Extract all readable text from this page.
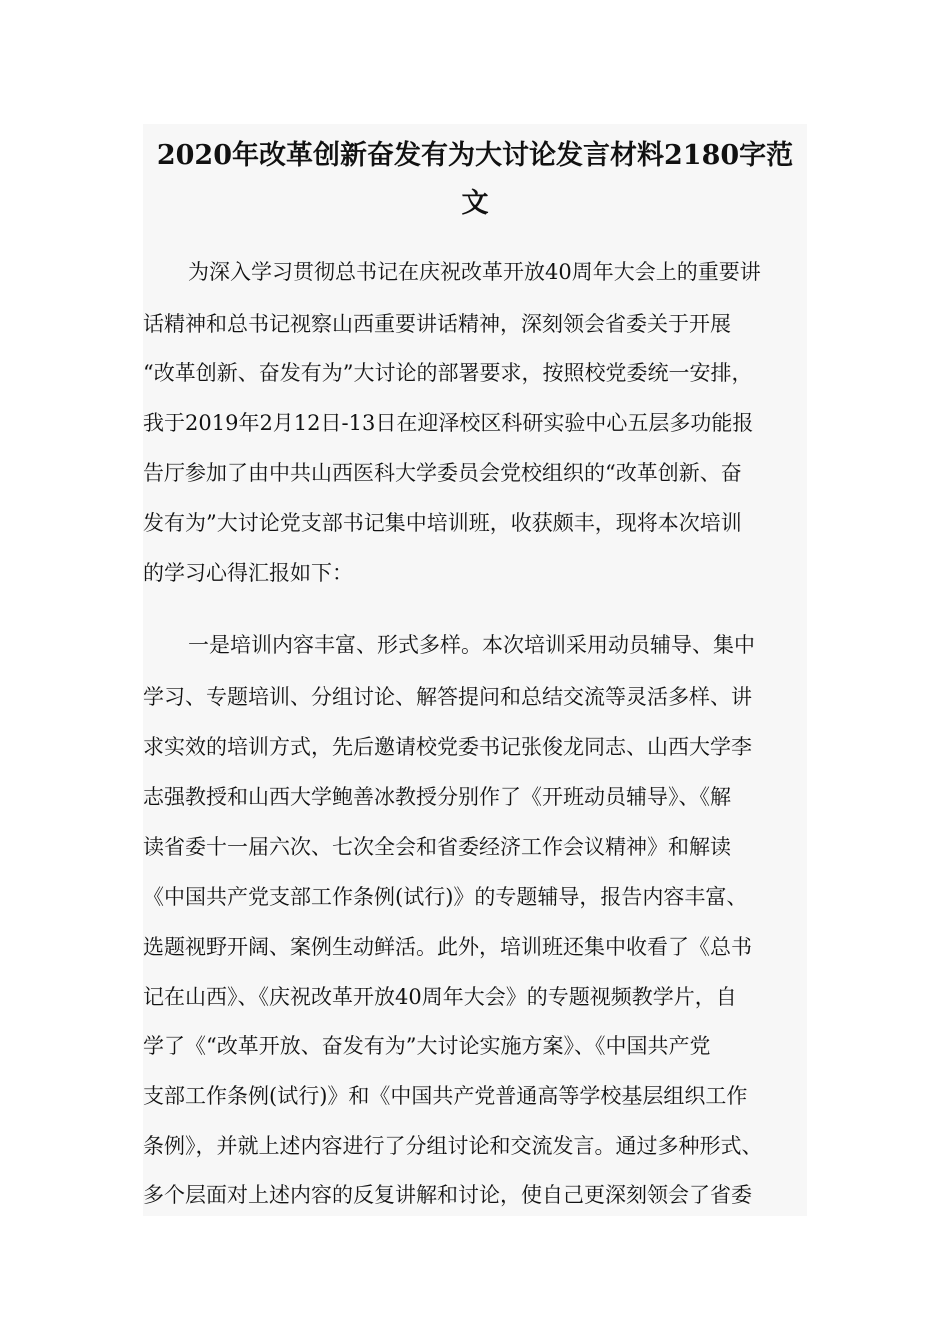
2020年改革创新奋发有为大讨论发言材料2180字范
文
为深入学习贯彻总书记在庆祝改革开放40周年大会上的重要讲
话精神和总书记视察山西重要讲话精神，深刻领会省委关于开展
“改革创新、奋发有为”大讨论的部署要求，按照校党委统一安排，
我于2019年2月12日-13日在迎泽校区科研实验中心五层多功能报
告厅参加了由中共山西医科大学委员会党校组织的“改革创新、奋
发有为”大讨论党支部书记集中培训班，收获颇丰，现将本次培训
的学习心得汇报如下：
一是培训内容丰富、形式多样。本次培训采用动员辅导、集中
学习、专题培训、分组讨论、解答提问和总结交流等灵活多样、讲
求实效的培训方式，先后邀请校党委书记张俊龙同志、山西大学李
志强教授和山西大学鲍善冰教授分别作了《开班动员辅导》、《解
读省委十一届六次、七次全会和省委经济工作会议精神》和解读
《中国共产党支部工作条例(试行)》的专题辅导，报告内容丰富、
选题视野开阔、案例生动鲜活。此外，培训班还集中收看了《总书
记在山西》、《庆祝改革开放40周年大会》的专题视频教学片，自
学了《“改革开放、奋发有为”大讨论实施方案》、《中国共产党
支部工作条例(试行)》和《中国共产党普通高等学校基层组织工作
条例》，并就上述内容进行了分组讨论和交流发言。通过多种形式、
多个层面对上述内容的反复讲解和讨论，使自己更深刻领会了省委
